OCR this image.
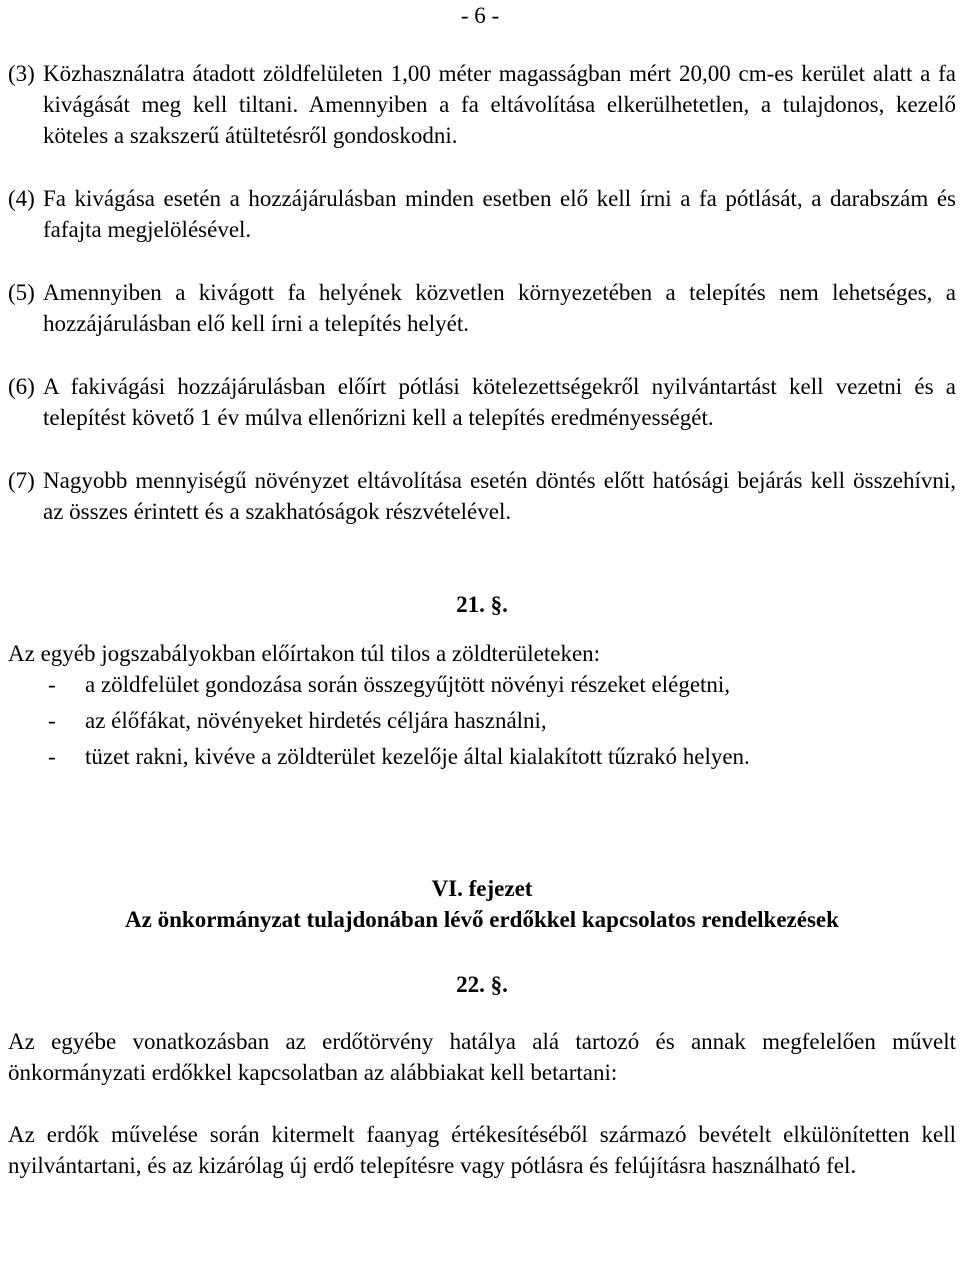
- 6 -
(3) Közhasználatra átadott zöldfelületen 1,00 méter magasságban mért 20,00 cm-es kerület alatt a fa kivágását meg kell tiltani. Amennyiben a fa eltávolítása elkerülhetetlen, a tulajdonos, kezelő köteles a szakszerű átültetésről gondoskodni.
(4) Fa kivágása esetén a hozzájárulásban minden esetben elő kell írni a fa pótlását, a darabszám és fafajta megjelölésével.
(5) Amennyiben a kivágott fa helyének közvetlen környezetében a telepítés nem lehetséges, a hozzájárulásban elő kell írni a telepítés helyét.
(6) A fakivágási hozzájárulásban előírt pótlási kötelezettségekről nyilvántartást kell vezetni és a telepítést követő 1 év múlva ellenőrizni kell a telepítés eredményességét.
(7) Nagyobb mennyiségű növényzet eltávolítása esetén döntés előtt hatósági bejárás kell összehívni, az összes érintett és a szakhatóságok részvételével.

21. §.

Az egyéb jogszabályokban előírtakon túl tilos a zöldterületeken:

- a zöldfelület gondozása során összegyűjtött növényi részeket elégetni,
- az élőfákat, növényeket hirdetés céljára használni,
- tüzet rakni, kivéve a zöldterület kezelője által kialakított tűzrakó helyen.

VI. fejezet

Az önkormányzat tulajdonában lévő erdőkkel kapcsolatos rendelkezések

22. §.

Az egyébe vonatkozásban az erdőtörvény hatálya alá tartozó és annak megfelelően művelt önkormányzati erdőkkel kapcsolatban az alábbiakat kell betartani:

Az erdők művelése során kitermelt faanyag értékesítéséből származó bevételt elkülönítetten kell nyilvántartani, és az kizárólag új erdő telepítésre vagy pótlásra és felújításra használható fel.
